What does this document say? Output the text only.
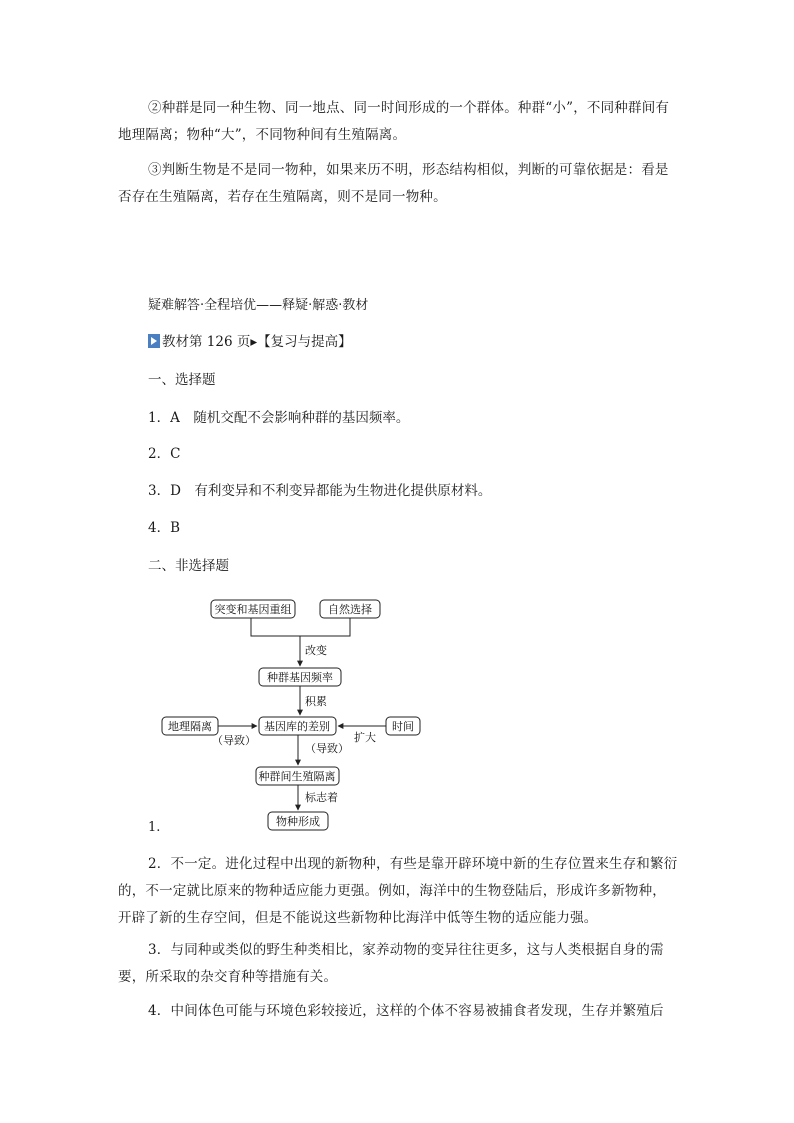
②种群是同一种生物、同一地点、同一时间形成的一个群体。种群“小”，不同种群间有地理隔离；物种“大”，不同物种间有生殖隔离。

③判断生物是不是同一物种，如果来历不明，形态结构相似，判断的可靠依据是：看是否存在生殖隔离，若存在生殖隔离，则不是同一物种。

疑难解答·全程培优——释疑·解惑·教材

教材第 126 页▸【复习与提高】

一、选择题

1．A　随机交配不会影响种群的基因频率。

2．C

3．D　有利变异和不利变异都能为生物进化提供原材料。

4．B

二、非选择题

突变和基因重组	自然选择
种群基因频率
基因库的差别
地理隔离	时间
种群间生殖隔离
物种形成
改变
积累
（导致）	扩大
（导致）
标志着

1.

2．不一定。进化过程中出现的新物种，有些是靠开辟环境中新的生存位置来生存和繁衍的，不一定就比原来的物种适应能力更强。例如，海洋中的生物登陆后，形成许多新物种，开辟了新的生存空间，但是不能说这些新物种比海洋中低等生物的适应能力强。

3．与同种或类似的野生种类相比，家养动物的变异往往更多，这与人类根据自身的需要，所采取的杂交育种等措施有关。

4．中间体色可能与环境色彩较接近，这样的个体不容易被捕食者发现，生存并繁殖后
